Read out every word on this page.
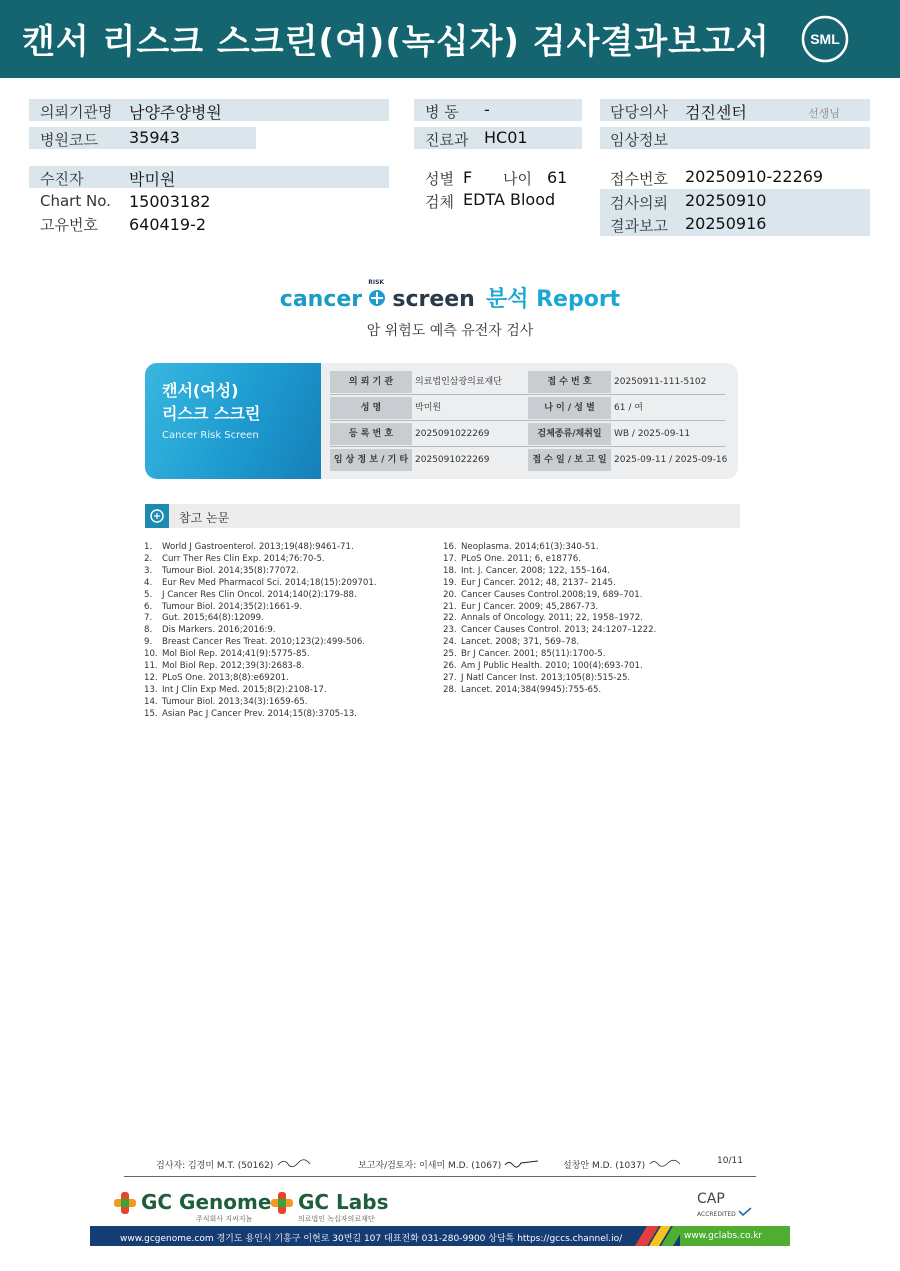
캔서 리스크 스크린(여)(녹십자) 검사결과보고서	SML
의뢰기관명 남양주양병원
병원코드 35943
병 동 -
진료과 HC01
담당의사 검진센터	선생님
임상정보
수진자	박미원
Chart No. 15003182
고유번호 640419-2
성별 F 나이 61
검체 EDTA Blood
접수번호 20250910-22269
검사의뢰 20250910
결과보고 20250916
cancer
RISK
screen 분석 Report
암 위험도 예측 유전자 검사
캔서(여성)
리스크 스크린
Cancer Risk Screen
의 뢰 기 관	의료법인삼광의료재단	접 수 번 호	20250911-111-5102
성 명	박미원	나 이 / 성 별	61 / 여
등 록 번 호	2025091022269	검체종류/채취일	WB / 2025-09-11
임 상 정 보 / 기 타 2025091022269	접 수 일 / 보 고 일 2025-09-11 / 2025-09-16
참고 논문
1. World J Gastroenterol. 2013;19(48):9461-71.
2. Curr Ther Res Clin Exp. 2014;76:70-5.
3. Tumour Biol. 2014;35(8):77072.
4. Eur Rev Med Pharmacol Sci. 2014;18(15):209701.
5. J Cancer Res Clin Oncol. 2014;140(2):179-88.
6. Tumour Biol. 2014;35(2):1661-9.
7. Gut. 2015;64(8):12099.
8. Dis Markers. 2016;2016:9.
9. Breast Cancer Res Treat. 2010;123(2):499-506.
10. Mol Biol Rep. 2014;41(9):5775-85.
11. Mol Biol Rep. 2012;39(3):2683-8.
12. PLoS One. 2013;8(8):e69201.
13. Int J Clin Exp Med. 2015;8(2):2108-17.
14. Tumour Biol. 2013;34(3):1659-65.
15. Asian Pac J Cancer Prev. 2014;15(8):3705-13.
16. Neoplasma. 2014;61(3):340-51.
17. PLoS One. 2011; 6, e18776.
18. Int. J. Cancer. 2008; 122, 155–164.
19. Eur J Cancer. 2012; 48, 2137– 2145.
20. Cancer Causes Control.2008;19, 689–701.
21. Eur J Cancer. 2009; 45,2867-73.
22. Annals of Oncology. 2011; 22, 1958–1972.
23. Cancer Causes Control. 2013; 24:1207–1222.
24. Lancet. 2008; 371, 569–78.
25. Br J Cancer. 2001; 85(11):1700-5.
26. Am J Public Health. 2010; 100(4):693-701.
27. J Natl Cancer Inst. 2013;105(8):515-25.
28. Lancet. 2014;384(9945):755-65.
검사자: 김경미 M.T. (50162)	보고자/검토자: 이새미 M.D. (1067)	설창안 M.D. (1037)	10/11
GC Genome
주식회사 지씨지놈
GC Labs
의료법인 녹십자의료재단
CAP
ACCREDITED
www.gcgenome.com 경기도 용인시 기흥구 이현로 30번길 107 대표전화 031-280-9900 상담톡 https://gccs.channel.io/	www.gclabs.co.kr
